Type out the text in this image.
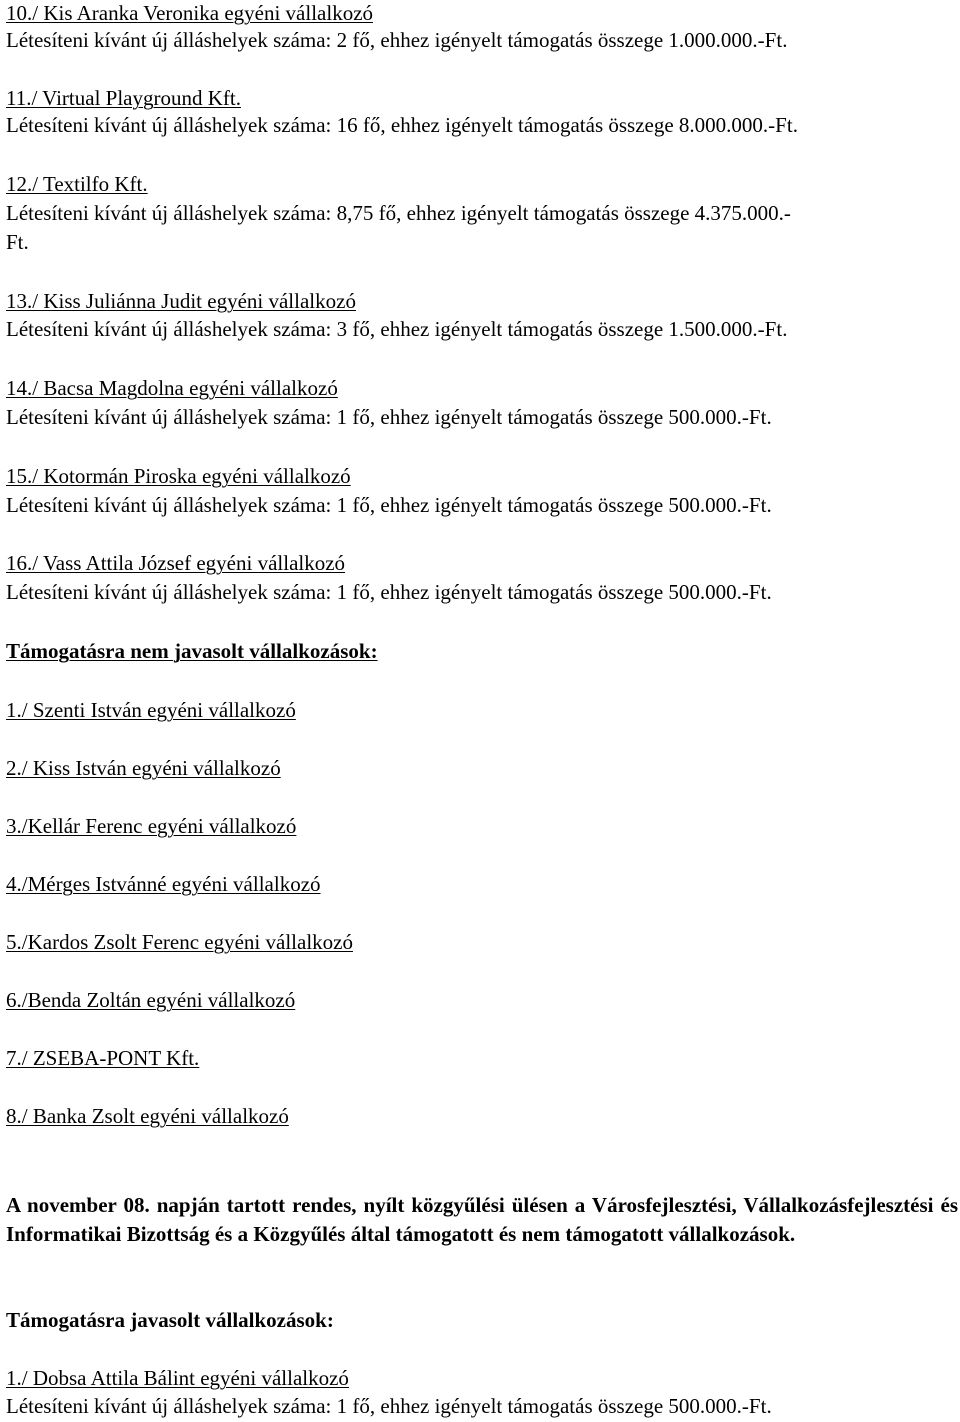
10./ Kis Aranka Veronika egyéni vállalkozó
Létesíteni kívánt új álláshelyek száma: 2 fő, ehhez igényelt támogatás összege 1.000.000.-Ft.
11./ Virtual Playground Kft.
Létesíteni kívánt új álláshelyek száma: 16 fő, ehhez igényelt támogatás összege 8.000.000.-Ft.
12./ Textilfo Kft.
Létesíteni kívánt új álláshelyek száma: 8,75 fő, ehhez igényelt támogatás összege 4.375.000.-
Ft.
13./ Kiss Juliánna Judit egyéni vállalkozó
Létesíteni kívánt új álláshelyek száma: 3 fő, ehhez igényelt támogatás összege 1.500.000.-Ft.
14./ Bacsa Magdolna egyéni vállalkozó
Létesíteni kívánt új álláshelyek száma: 1 fő, ehhez igényelt támogatás összege 500.000.-Ft.
15./ Kotormán Piroska egyéni vállalkozó
Létesíteni kívánt új álláshelyek száma: 1 fő, ehhez igényelt támogatás összege 500.000.-Ft.
16./ Vass Attila József egyéni vállalkozó
Létesíteni kívánt új álláshelyek száma: 1 fő, ehhez igényelt támogatás összege 500.000.-Ft.
Támogatásra nem javasolt vállalkozások:
1./ Szenti István egyéni vállalkozó
2./ Kiss István egyéni vállalkozó
3./Kellár Ferenc egyéni vállalkozó
4./Mérges Istvánné egyéni vállalkozó
5./Kardos Zsolt Ferenc egyéni vállalkozó
6./Benda Zoltán egyéni vállalkozó
7./ ZSEBA-PONT Kft.
8./ Banka Zsolt egyéni vállalkozó
A november 08. napján tartott rendes, nyílt közgyűlési ülésen a Városfejlesztési, Vállalkozásfejlesztési és Informatikai Bizottság és a Közgyűlés által támogatott és nem támogatott vállalkozások.
Támogatásra javasolt vállalkozások:
1./ Dobsa Attila Bálint egyéni vállalkozó
Létesíteni kívánt új álláshelyek száma: 1 fő, ehhez igényelt támogatás összege 500.000.-Ft.
